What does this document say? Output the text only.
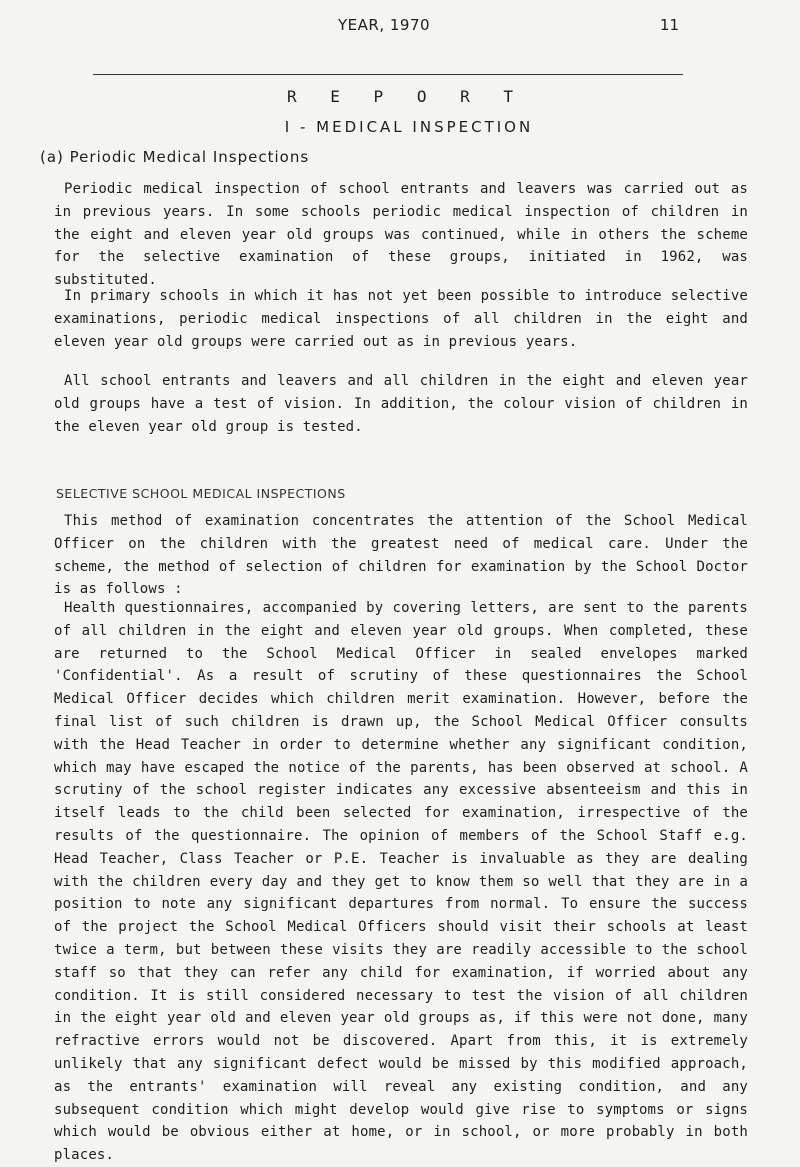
YEAR, 1970	11
R E P O R T
I - MEDICAL INSPECTION
(a) Periodic Medical Inspections

Periodic medical inspection of school entrants and leavers was carried out as in previous years. In some schools periodic medical inspection of children in the eight and eleven year old groups was continued, while in others the scheme for the selective examination of these groups, initiated in 1962, was substituted.

In primary schools in which it has not yet been possible to introduce selective examinations, periodic medical inspections of all children in the eight and eleven year old groups were carried out as in previous years.

All school entrants and leavers and all children in the eight and eleven year old groups have a test of vision. In addition, the colour vision of children in the eleven year old group is tested.

SELECTIVE SCHOOL MEDICAL INSPECTIONS

This method of examination concentrates the attention of the School Medical Officer on the children with the greatest need of medical care. Under the scheme, the method of selection of children for examination by the School Doctor is as follows :

Health questionnaires, accompanied by covering letters, are sent to the parents of all children in the eight and eleven year old groups. When completed, these are returned to the School Medical Officer in sealed envelopes marked 'Confidential'. As a result of scrutiny of these questionnaires the School Medical Officer decides which children merit examination. However, before the final list of such children is drawn up, the School Medical Officer consults with the Head Teacher in order to determine whether any significant condition, which may have escaped the notice of the parents, has been observed at school. A scrutiny of the school register indicates any excessive absenteeism and this in itself leads to the child been selected for examination, irrespective of the results of the questionnaire. The opinion of members of the School Staff e.g. Head Teacher, Class Teacher or P.E. Teacher is invaluable as they are dealing with the children every day and they get to know them so well that they are in a position to note any significant departures from normal. To ensure the success of the project the School Medical Officers should visit their schools at least twice a term, but between these visits they are readily accessible to the school staff so that they can refer any child for examination, if worried about any condition. It is still considered necessary to test the vision of all children in the eight year old and eleven year old groups as, if this were not done, many refractive errors would not be discovered. Apart from this, it is extremely unlikely that any significant defect would be missed by this modified approach, as the entrants' examination will reveal any existing condition, and any subsequent condition which might develop would give rise to symptoms or signs which would be obvious either at home, or in school, or more probably in both places.
